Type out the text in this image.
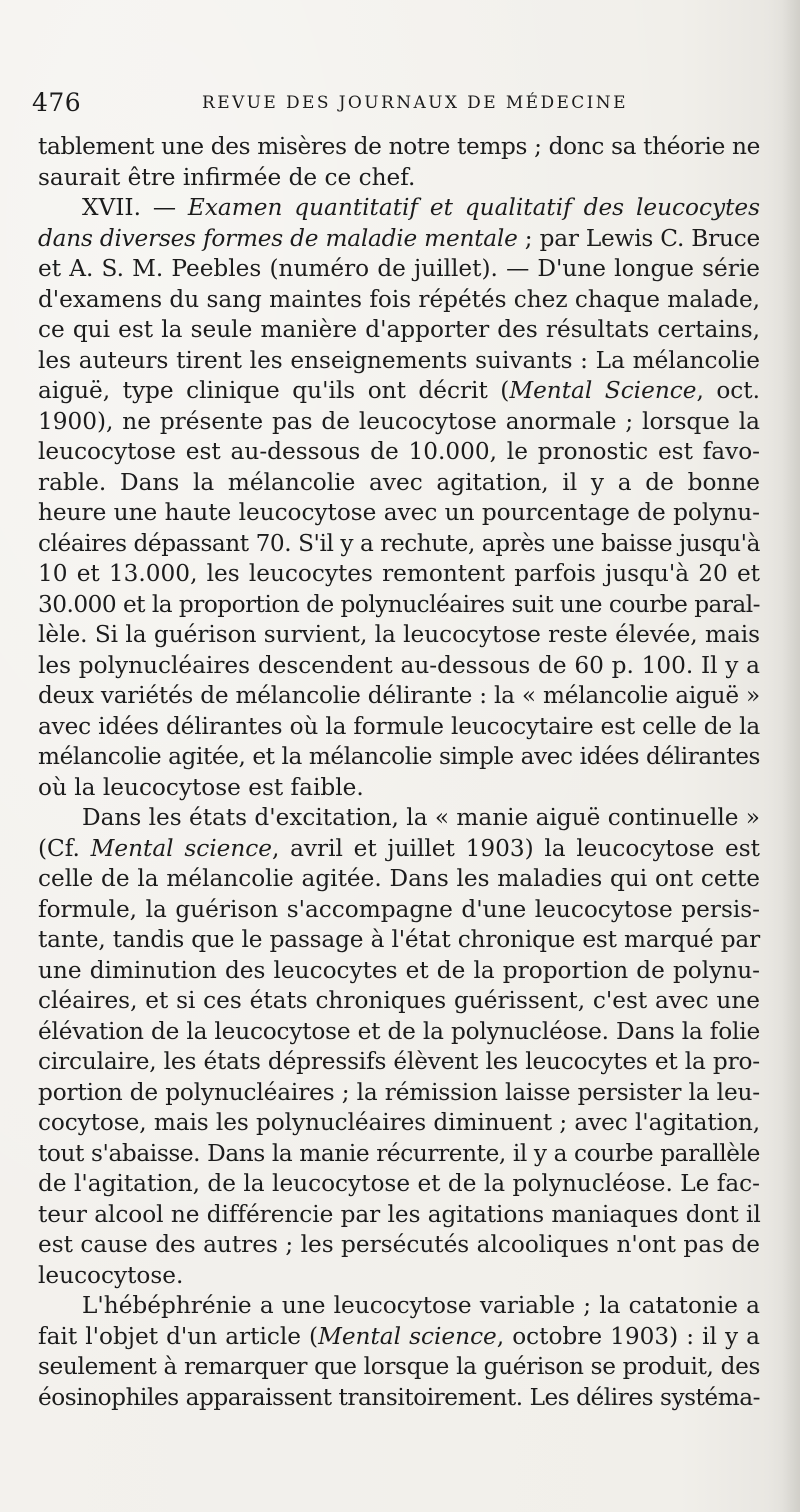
476	REVUE DES JOURNAUX DE MÉDECINE
tablement une des misères de notre temps ; donc sa théorie ne
saurait être infirmée de ce chef.
XVII. — Examen quantitatif et qualitatif des leucocytes
dans diverses formes de maladie mentale ; par Lewis C. Bruce
et A. S. M. Peebles (numéro de juillet). — D'une longue série
d'examens du sang maintes fois répétés chez chaque malade,
ce qui est la seule manière d'apporter des résultats certains,
les auteurs tirent les enseignements suivants : La mélancolie
aiguë, type clinique qu'ils ont décrit (Mental Science, oct.
1900), ne présente pas de leucocytose anormale ; lorsque la
leucocytose est au-dessous de 10.000, le pronostic est favo-
rable. Dans la mélancolie avec agitation, il y a de bonne
heure une haute leucocytose avec un pourcentage de polynu-
cléaires dépassant 70. S'il y a rechute, après une baisse jusqu'à
10 et 13.000, les leucocytes remontent parfois jusqu'à 20 et
30.000 et la proportion de polynucléaires suit une courbe paral-
lèle. Si la guérison survient, la leucocytose reste élevée, mais
les polynucléaires descendent au-dessous de 60 p. 100. Il y a
deux variétés de mélancolie délirante : la « mélancolie aiguë »
avec idées délirantes où la formule leucocytaire est celle de la
mélancolie agitée, et la mélancolie simple avec idées délirantes
où la leucocytose est faible.
Dans les états d'excitation, la « manie aiguë continuelle »
(Cf. Mental science, avril et juillet 1903) la leucocytose est
celle de la mélancolie agitée. Dans les maladies qui ont cette
formule, la guérison s'accompagne d'une leucocytose persis-
tante, tandis que le passage à l'état chronique est marqué par
une diminution des leucocytes et de la proportion de polynu-
cléaires, et si ces états chroniques guérissent, c'est avec une
élévation de la leucocytose et de la polynucléose. Dans la folie
circulaire, les états dépressifs élèvent les leucocytes et la pro-
portion de polynucléaires ; la rémission laisse persister la leu-
cocytose, mais les polynucléaires diminuent ; avec l'agitation,
tout s'abaisse. Dans la manie récurrente, il y a courbe parallèle
de l'agitation, de la leucocytose et de la polynucléose. Le fac-
teur alcool ne différencie par les agitations maniaques dont il
est cause des autres ; les persécutés alcooliques n'ont pas de
leucocytose.
L'hébéphrénie a une leucocytose variable ; la catatonie a
fait l'objet d'un article (Mental science, octobre 1903) : il y a
seulement à remarquer que lorsque la guérison se produit, des
éosinophiles apparaissent transitoirement. Les délires systéma-
